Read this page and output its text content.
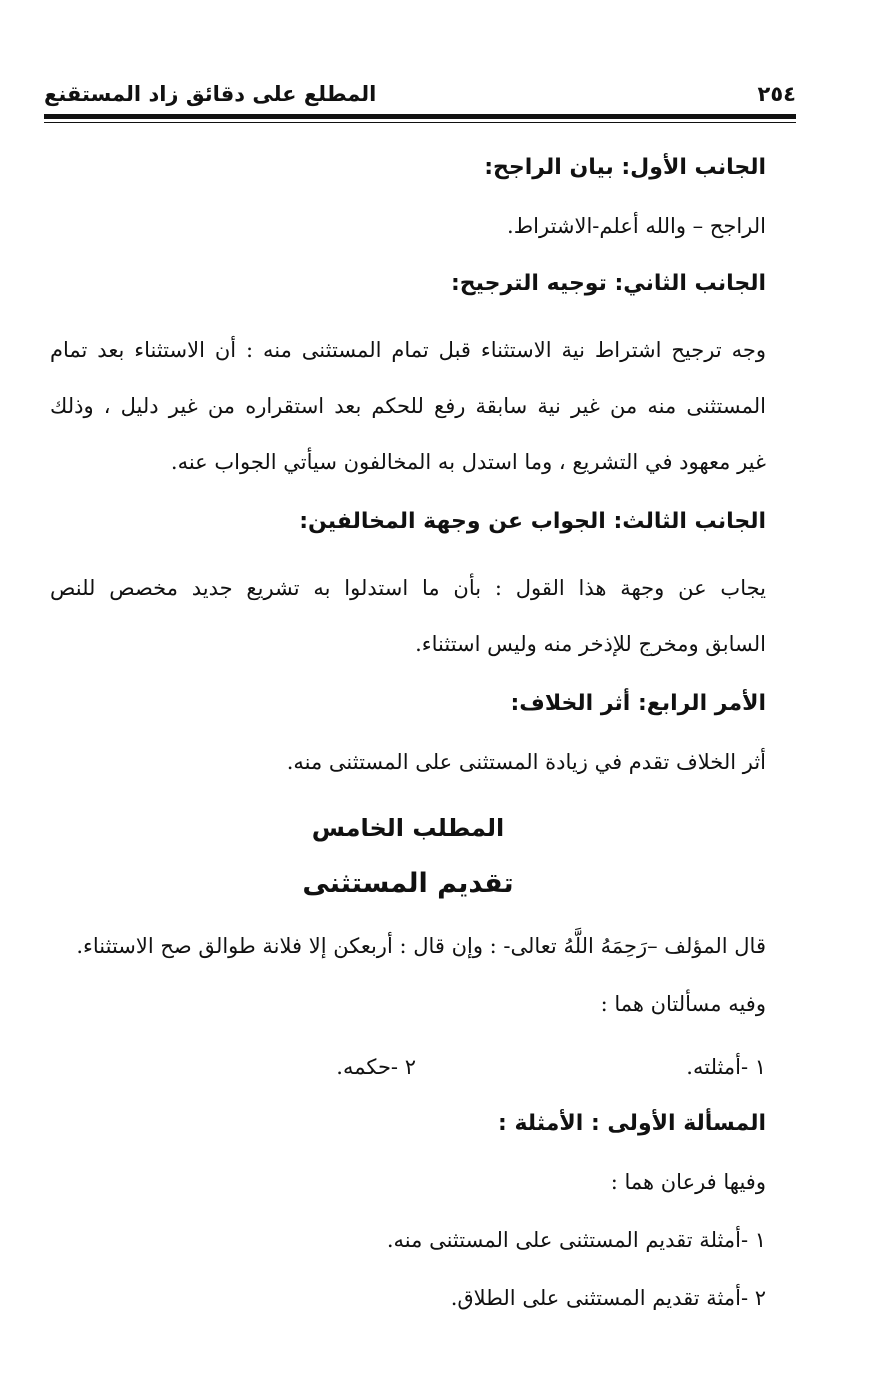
٢٥٤
المطلع على دقائق زاد المستقنع
الجانب الأول: بيان الراجح:
الراجح – والله أعلم-الاشتراط.
الجانب الثاني: توجيه الترجيح:
وجه ترجيح اشتراط نية الاستثناء قبل تمام المستثنى منه : أن الاستثناء بعد تمام
المستثنى منه من غير نية سابقة رفع للحكم بعد استقراره من غير دليل ، وذلك
غير معهود في التشريع ، وما استدل به المخالفون سيأتي الجواب عنه.
الجانب الثالث: الجواب عن وجهة المخالفين:
يجاب عن وجهة هذا القول : بأن ما استدلوا به تشريع جديد مخصص للنص
السابق ومخرج للإذخر منه وليس استثناء.
الأمر الرابع: أثر الخلاف:
أثر الخلاف تقدم في زيادة المستثنى على المستثنى منه.
المطلب الخامس
تقديم المستثنى
قال المؤلف –رَحِمَهُ اللَّهُ تعالى- : وإن قال : أربعكن إلا فلانة طوالق صح الاستثناء.
وفيه مسألتان هما :
١ -أمثلته.
٢ -حكمه.
المسألة الأولى : الأمثلة :
وفيها فرعان هما :
١ -أمثلة تقديم المستثنى على المستثنى منه.
٢ -أمثة تقديم المستثنى على الطلاق.
